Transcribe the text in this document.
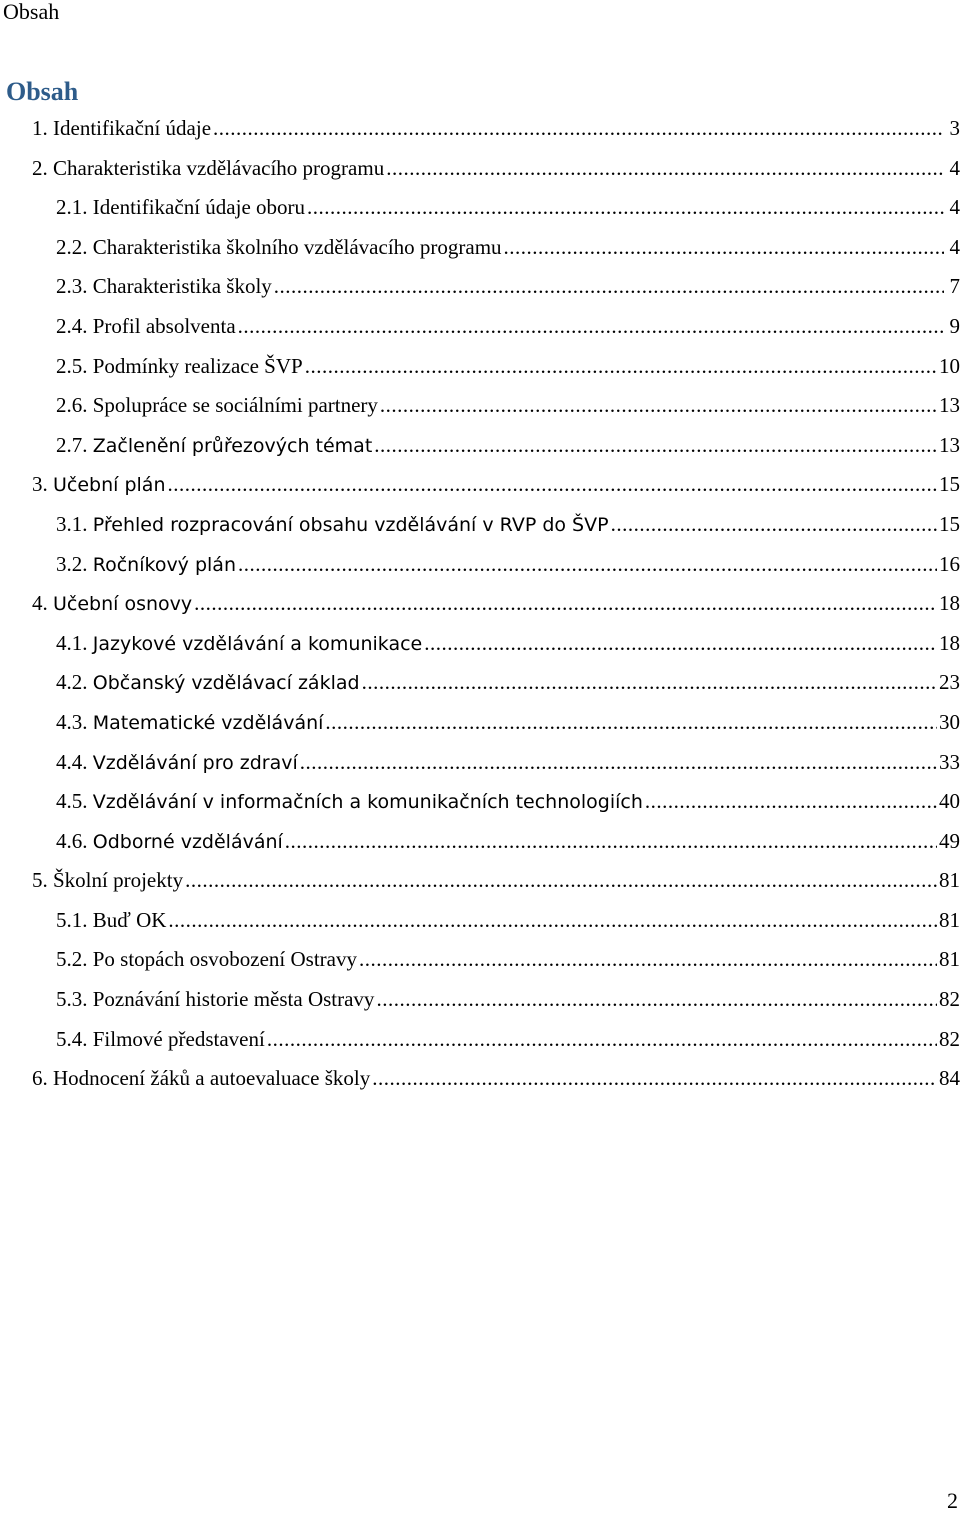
Obsah
Obsah
1. Identifikační údaje .....	3
2. Charakteristika vzdělávacího programu .....	4
2.1. Identifikační údaje oboru .....	4
2.2. Charakteristika školního vzdělávacího programu .....	4
2.3. Charakteristika školy .....	7
2.4. Profil absolventa .....	9
2.5. Podmínky realizace ŠVP .....	10
2.6. Spolupráce se sociálními partnery .....	13
2.7. Začlenění průřezových témat .....	13
3. Učební plán .....	15
3.1. Přehled rozpracování obsahu vzdělávání v RVP do ŠVP .....	15
3.2. Ročníkový plán .....	16
4. Učební osnovy .....	18
4.1. Jazykové vzdělávání a komunikace .....	18
4.2. Občanský vzdělávací základ .....	23
4.3. Matematické vzdělávání .....	30
4.4. Vzdělávání pro zdraví .....	33
4.5. Vzdělávání v informačních a komunikačních technologiích .....	40
4.6. Odborné vzdělávání .....	49
5. Školní projekty .....	81
5.1. Buď OK .....	81
5.2. Po stopách osvobození Ostravy .....	81
5.3. Poznávání historie města Ostravy .....	82
5.4. Filmové představení .....	82
6. Hodnocení žáků a autoevaluace školy .....	84
2
